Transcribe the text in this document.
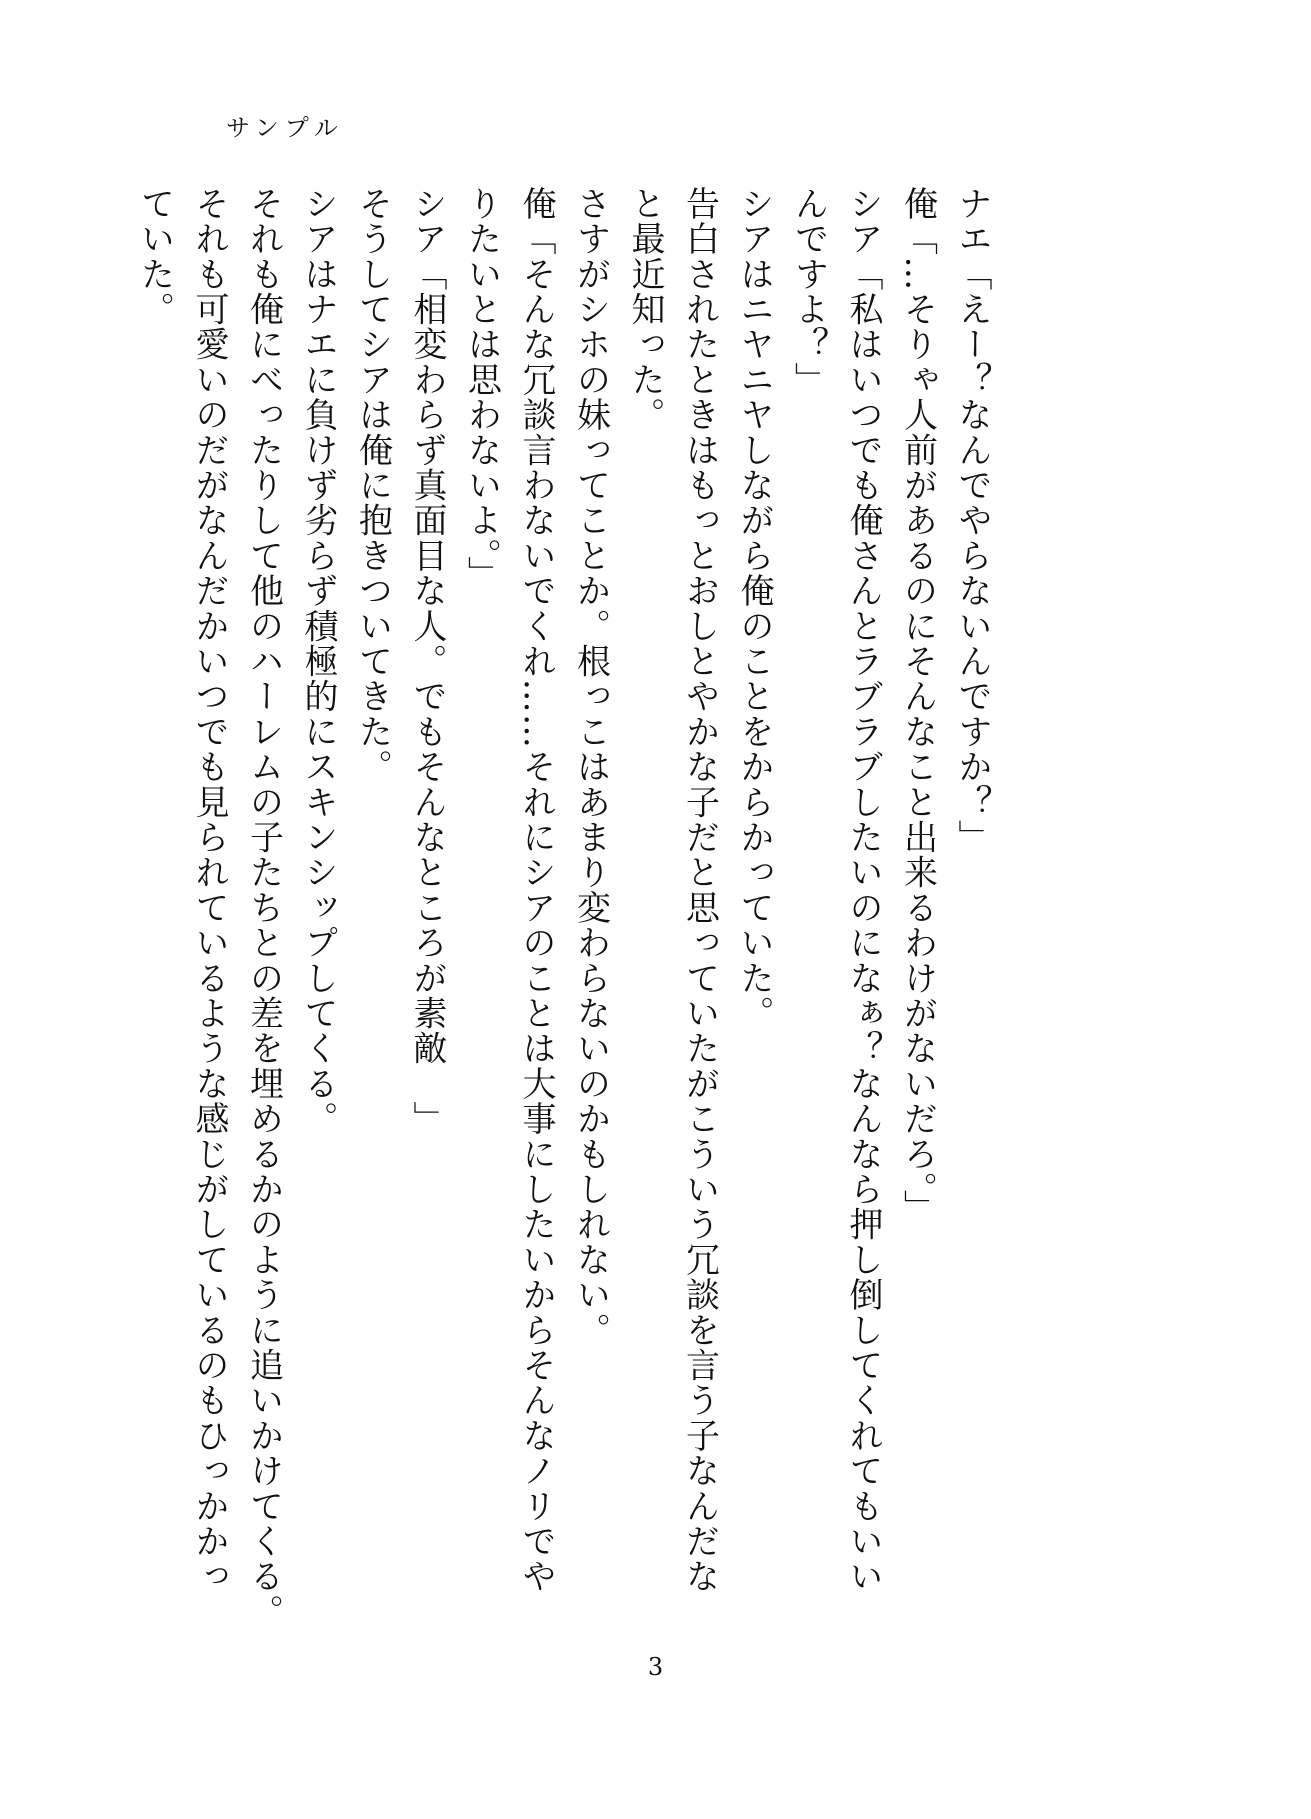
サンプル
ナエ「えー？なんでやらないんですか？」
俺「…そりゃ人前があるのにそんなこと出来るわけがないだろ。」
シア「私はいつでも俺さんとラブラブしたいのになぁ？なんなら押し倒してくれてもいい
んですよ？」
シアはニヤニヤしながら俺のことをからかっていた。
告白されたときはもっとおしとやかな子だと思っていたがこういう冗談を言う子なんだな
と最近知った。
さすがシホの妹ってことか。根っこはあまり変わらないのかもしれない。
俺「そんな冗談言わないでくれ……それにシアのことは大事にしたいからそんなノリでや
りたいとは思わないよ。」
シア「相変わらず真面目な人。でもそんなところが素敵　」
そうしてシアは俺に抱きついてきた。
シアはナエに負けず劣らず積極的にスキンシップしてくる。
それも俺にべったりして他のハーレムの子たちとの差を埋めるかのように追いかけてくる。
それも可愛いのだがなんだかいつでも見られているような感じがしているのもひっかかっ
ていた。
3
